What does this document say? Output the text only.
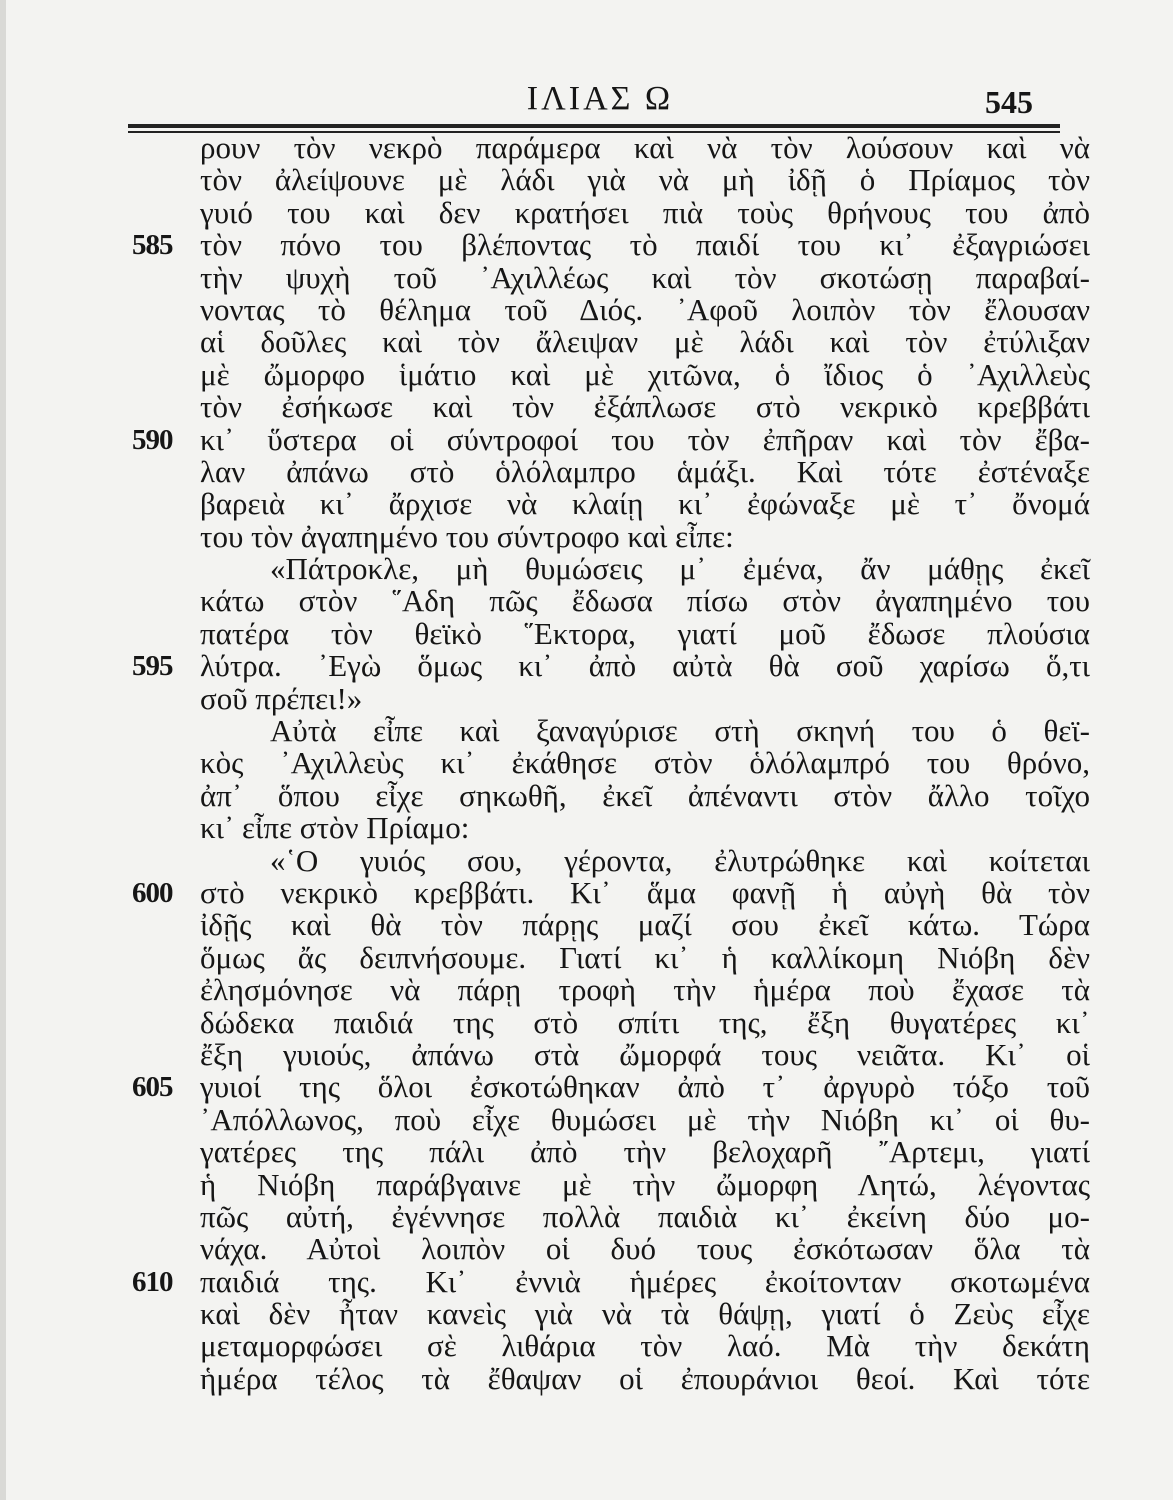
ΙΛΙΑΣ Ω	545
ρουν τὸν νεκρὸ παράμερα καὶ νὰ τὸν λούσουν καὶ νὰ
τὸν ἀλείψουνε μὲ λάδι γιὰ νὰ μὴ ἰδῇ ὁ Πρίαμος τὸν
γυιό του καὶ δεν κρατήσει πιὰ τοὺς θρήνους του ἀπὸ
585 τὸν πόνο του βλέποντας τὸ παιδί του κι᾿ ἐξαγριώσει
τὴν ψυχὴ τοῦ ᾿Αχιλλέως καὶ τὸν σκοτώσῃ παραβαί-
νοντας τὸ θέλημα τοῦ Διός. ᾿Αφοῦ λοιπὸν τὸν ἔλουσαν
αἱ δοῦλες καὶ τὸν ἄλειψαν μὲ λάδι καὶ τὸν ἐτύλιξαν
μὲ ὤμορφο ἱμάτιο καὶ μὲ χιτῶνα, ὁ ἴδιος ὁ ᾿Αχιλλεὺς
τὸν ἐσήκωσε καὶ τὸν ἐξάπλωσε στὸ νεκρικὸ κρεββάτι
590 κι᾿ ὕστερα οἱ σύντροφοί του τὸν ἐπῆραν καὶ τὸν ἔβα-
λαν ἀπάνω στὸ ὁλόλαμπρο ἁμάξι. Καὶ τότε ἐστέναξε
βαρειὰ κι᾿ ἄρχισε νὰ κλαίῃ κι᾿ ἐφώναξε μὲ τ᾿ ὄνομά
του τὸν ἀγαπημένο του σύντροφο καὶ εἶπε:
«Πάτροκλε, μὴ θυμώσεις μ᾿ ἐμένα, ἄν μάθῃς ἐκεῖ
κάτω στὸν ῞Αδη πῶς ἔδωσα πίσω στὸν ἀγαπημένο του
πατέρα τὸν θεϊκὸ ῞Εκτορα, γιατί μοῦ ἔδωσε πλούσια
595 λύτρα. ᾿Εγὼ ὅμως κι᾿ ἀπὸ αὐτὰ θὰ σοῦ χαρίσω ὅ,τι
σοῦ πρέπει!»
Αὐτὰ εἶπε καὶ ξαναγύρισε στὴ σκηνή του ὁ θεϊ-
κὸς ᾿Αχιλλεὺς κι᾿ ἐκάθησε στὸν ὁλόλαμπρό του θρόνο,
ἀπ᾿ ὅπου εἶχε σηκωθῆ, ἐκεῖ ἀπέναντι στὸν ἄλλο τοῖχο
κι᾿ εἶπε στὸν Πρίαμο:
«῾Ο γυιός σου, γέροντα, ἐλυτρώθηκε καὶ κοίτεται
600 στὸ νεκρικὸ κρεββάτι. Κι᾿ ἅμα φανῇ ἡ αὐγὴ θὰ τὸν
ἰδῇς καὶ θὰ τὸν πάρῃς μαζί σου ἐκεῖ κάτω. Τώρα
ὅμως ἄς δειπνήσουμε. Γιατί κι᾿ ἡ καλλίκομη Νιόβη δὲν
ἐλησμόνησε νὰ πάρῃ τροφὴ τὴν ἡμέρα ποὺ ἔχασε τὰ
δώδεκα παιδιά της στὸ σπίτι της, ἔξη θυγατέρες κι᾿
ἔξη γυιούς, ἀπάνω στὰ ὤμορφά τους νειᾶτα. Κι᾿ οἱ
605 γυιοί της ὅλοι ἐσκοτώθηκαν ἀπὸ τ᾿ ἀργυρὸ τόξο τοῦ
᾿Απόλλωνος, ποὺ εἶχε θυμώσει μὲ τὴν Νιόβη κι᾿ οἱ θυ-
γατέρες της πάλι ἀπὸ τὴν βελοχαρῆ ῎Αρτεμι, γιατί
ἡ Νιόβη παράβγαινε μὲ τὴν ὤμορφη Λητώ, λέγοντας
πῶς αὐτή, ἐγέννησε πολλὰ παιδιὰ κι᾿ ἐκείνη δύο μο-
νάχα. Αὐτοὶ λοιπὸν οἱ δυό τους ἐσκότωσαν ὅλα τὰ
610 παιδιά της. Κι᾿ ἐννιὰ ἡμέρες ἐκοίτονταν σκοτωμένα
καὶ δὲν ἦταν κανεὶς γιὰ νὰ τὰ θάψῃ, γιατί ὁ Ζεὺς εἶχε
μεταμορφώσει σὲ λιθάρια τὸν λαό. Μὰ τὴν δεκάτη
ἡμέρα τέλος τὰ ἔθαψαν οἱ ἐπουράνιοι θεοί. Καὶ τότε
